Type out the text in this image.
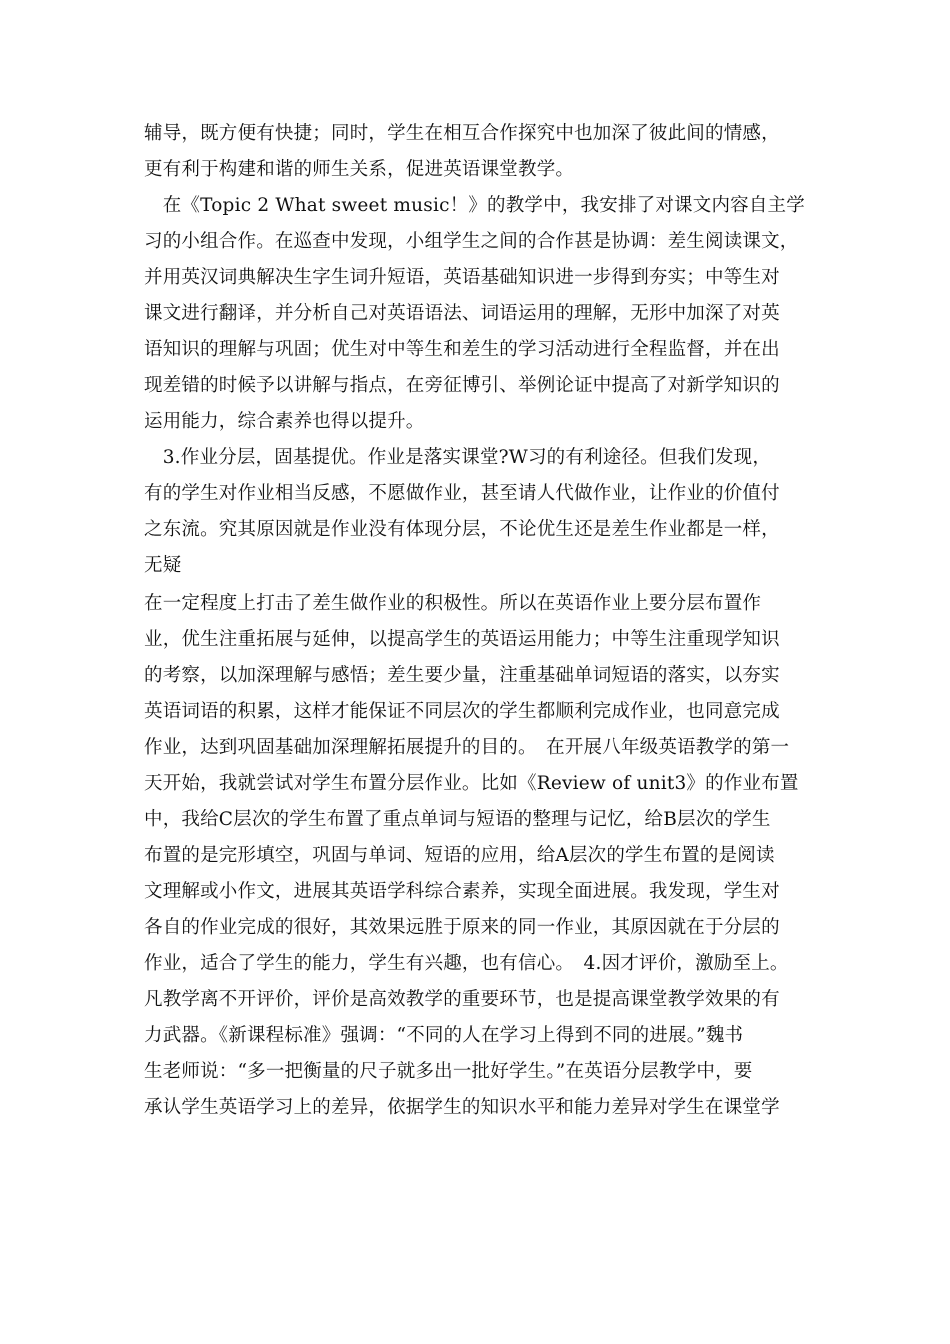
辅导，既方便有快捷；同时，学生在相互合作探究中也加深了彼此间的情感，
更有利于构建和谐的师生关系，促进英语课堂教学。
　在《Topic 2 What sweet music！》的教学中，我安排了对课文内容自主学
习的小组合作。在巡查中发现，小组学生之间的合作甚是协调：差生阅读课文，
并用英汉词典解决生字生词升短语，英语基础知识进一步得到夯实；中等生对
课文进行翻译，并分析自己对英语语法、词语运用的理解，无形中加深了对英
语知识的理解与巩固；优生对中等生和差生的学习活动进行全程监督，并在出
现差错的时候予以讲解与指点，在旁征博引、举例论证中提高了对新学知识的
运用能力，综合素养也得以提升。
　3.作业分层，固基提优。作业是落实课堂?W习的有利途径。但我们发现，
有的学生对作业相当反感，不愿做作业，甚至请人代做作业，让作业的价值付
之东流。究其原因就是作业没有体现分层，不论优生还是差生作业都是一样，
无疑
在一定程度上打击了差生做作业的积极性。所以在英语作业上要分层布置作
业，优生注重拓展与延伸，以提高学生的英语运用能力；中等生注重现学知识
的考察，以加深理解与感悟；差生要少量，注重基础单词短语的落实，以夯实
英语词语的积累，这样才能保证不同层次的学生都顺利完成作业，也同意完成
作业，达到巩固基础加深理解拓展提升的目的。　在开展八年级英语教学的第一
天开始，我就尝试对学生布置分层作业。比如《Review of unit3》的作业布置
中，我给C层次的学生布置了重点单词与短语的整理与记忆，给B层次的学生
布置的是完形填空，巩固与单词、短语的应用，给A层次的学生布置的是阅读
文理解或小作文，进展其英语学科综合素养，实现全面进展。我发现，学生对
各自的作业完成的很好，其效果远胜于原来的同一作业，其原因就在于分层的
作业，适合了学生的能力，学生有兴趣，也有信心。　4.因才评价，激励至上。
凡教学离不开评价，评价是高效教学的重要环节，也是提高课堂教学效果的有
力武器。《新课程标准》强调：“不同的人在学习上得到不同的进展。”魏书
生老师说：“多一把衡量的尺子就多出一批好学生。”在英语分层教学中，要
承认学生英语学习上的差异，依据学生的知识水平和能力差异对学生在课堂学
